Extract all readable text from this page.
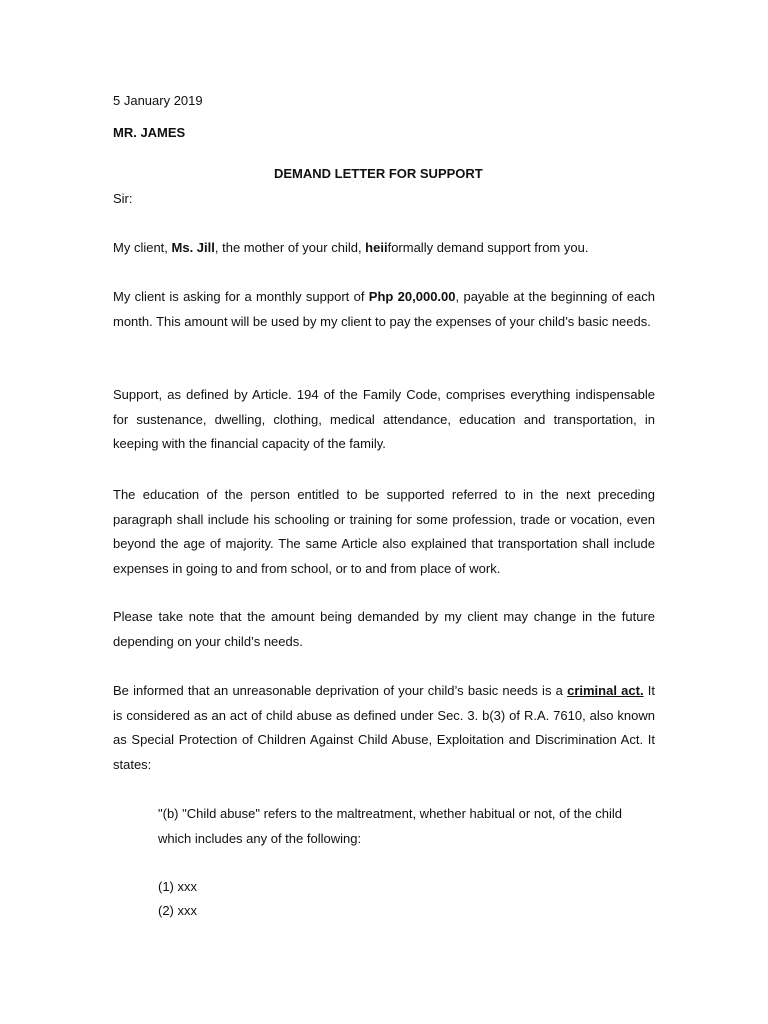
5 January 2019

MR. JAMES

DEMAND LETTER FOR SUPPORT

Sir:

My client, Ms. Jill, the mother of your child, heiiformally demand support from you.

My client is asking for a monthly support of Php 20,000.00, payable at the beginning of each month. This amount will be used by my client to pay the expenses of your child’s basic needs.

Support, as defined by Article. 194 of the Family Code, comprises everything indispensable for sustenance, dwelling, clothing, medical attendance, education and transportation, in keeping with the financial capacity of the family.

The education of the person entitled to be supported referred to in the next preceding paragraph shall include his schooling or training for some profession, trade or vocation, even beyond the age of majority. The same Article also explained that transportation shall include expenses in going to and from school, or to and from place of work.

Please take note that the amount being demanded by my client may change in the future depending on your child’s needs.

Be informed that an unreasonable deprivation of your child’s basic needs is a criminal act. It is considered as an act of child abuse as defined under Sec. 3. b(3) of R.A. 7610, also known as Special Protection of Children Against Child Abuse, Exploitation and Discrimination Act. It states:

"(b) "Child abuse" refers to the maltreatment, whether habitual or not, of the child which includes any of the following:

(1) xxx

(2) xxx
